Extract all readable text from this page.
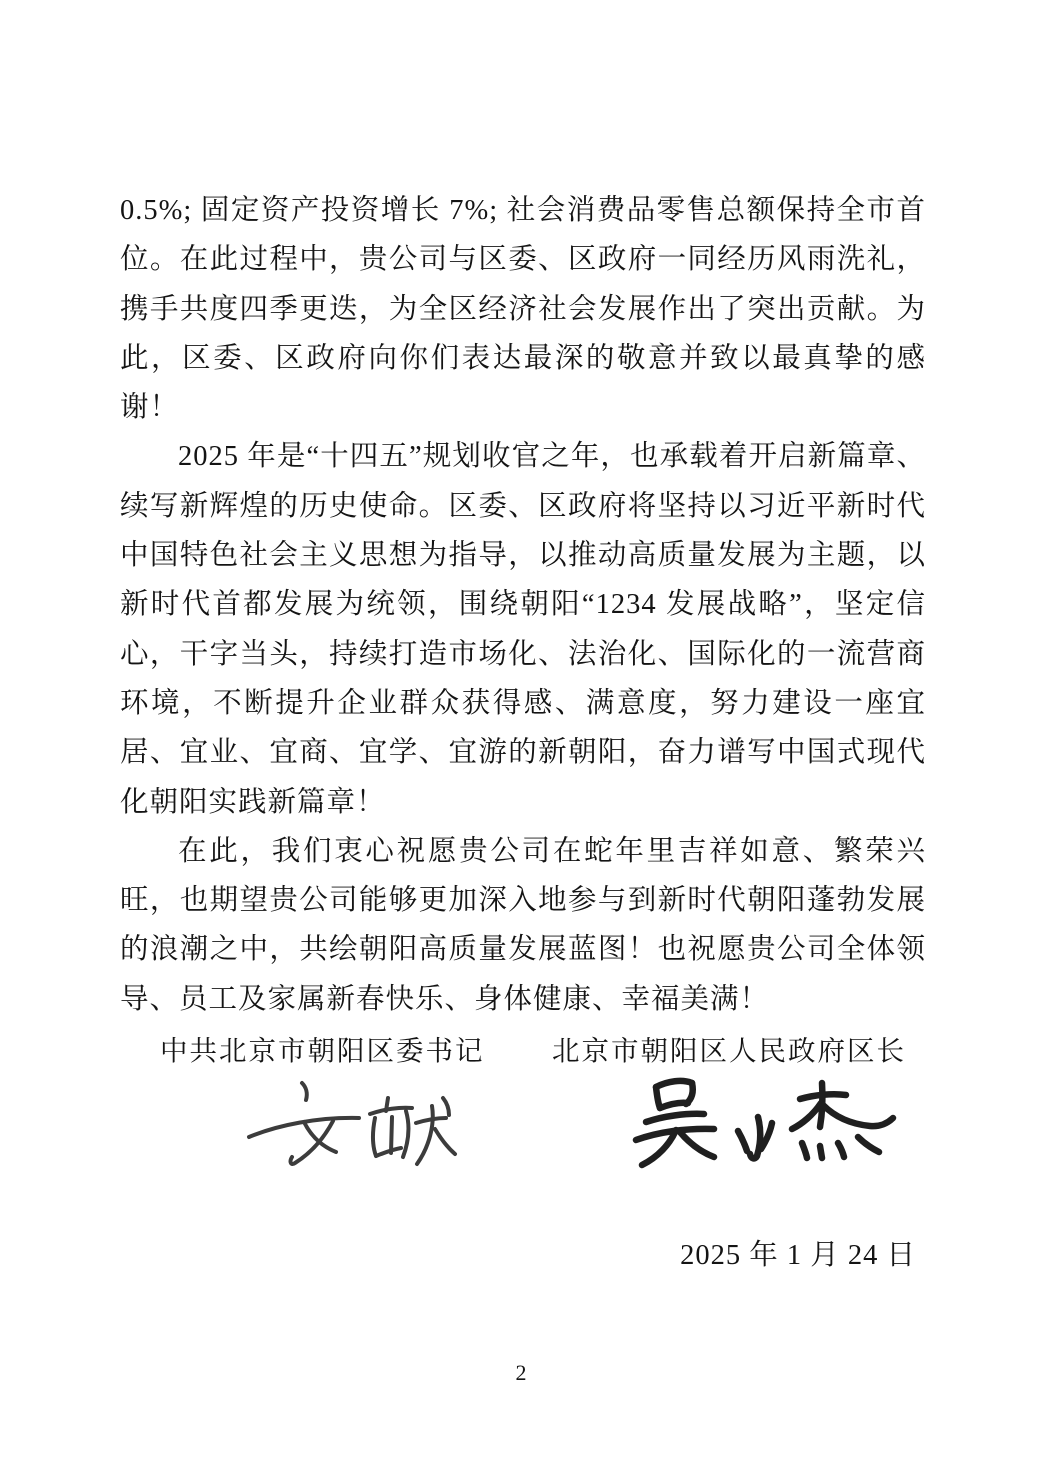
0.5%; 固定资产投资增长 7%; 社会消费品零售总额保持全市首位。在此过程中，贵公司与区委、区政府一同经历风雨洗礼，携手共度四季更迭，为全区经济社会发展作出了突出贡献。为此，区委、区政府向你们表达最深的敬意并致以最真挚的感谢！

2025 年是“十四五”规划收官之年，也承载着开启新篇章、续写新辉煌的历史使命。区委、区政府将坚持以习近平新时代中国特色社会主义思想为指导，以推动高质量发展为主题，以新时代首都发展为统领，围绕朝阳“1234 发展战略”，坚定信心，干字当头，持续打造市场化、法治化、国际化的一流营商环境，不断提升企业群众获得感、满意度，努力建设一座宜居、宜业、宜商、宜学、宜游的新朝阳，奋力谱写中国式现代化朝阳实践新篇章！

在此，我们衷心祝愿贵公司在蛇年里吉祥如意、繁荣兴旺，也期望贵公司能够更加深入地参与到新时代朝阳蓬勃发展的浪潮之中，共绘朝阳高质量发展蓝图！也祝愿贵公司全体领导、员工及家属新春快乐、身体健康、幸福美满！

中共北京市朝阳区委书记 北京市朝阳区人民政府区长
2025 年 1 月 24 日
2
